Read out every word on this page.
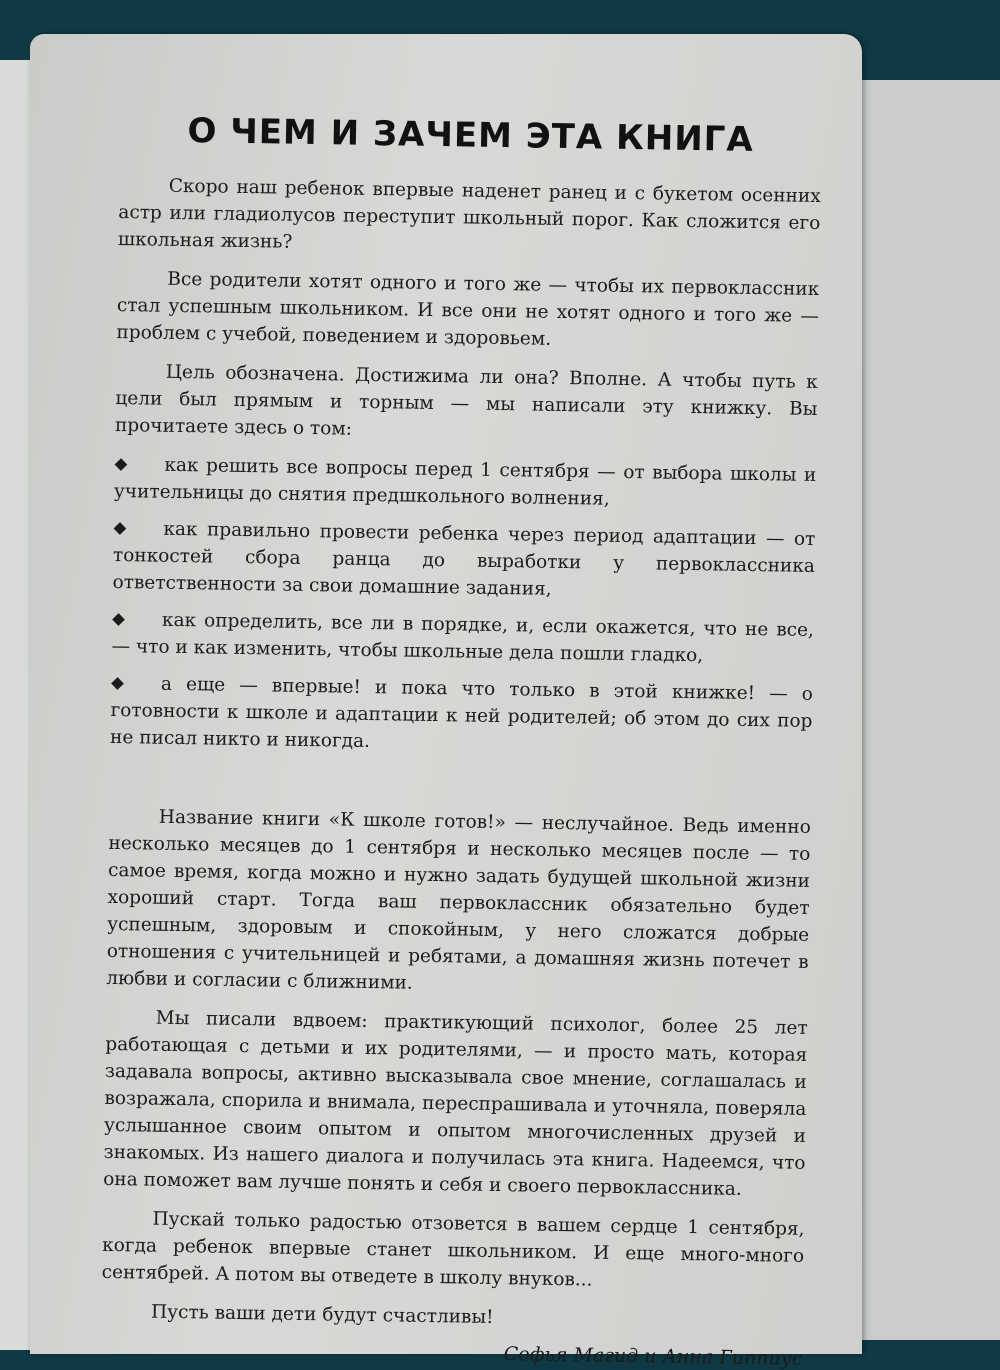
О ЧЕМ И ЗАЧЕМ ЭТА КНИГА

Скоро наш ребенок впервые наденет ранец и с букетом осенних астр или гладиолусов переступит школьный порог. Как сложится его школьная жизнь?

Все родители хотят одного и того же — чтобы их первоклассник стал успешным школьником. И все они не хотят одного и того же — проблем с учебой, поведением и здоровьем.

Цель обозначена. Достижима ли она? Вполне. А чтобы путь к цели был прямым и торным — мы написали эту книжку. Вы прочитаете здесь о том:

как решить все вопросы перед 1 сентября — от выбора школы и учительницы до снятия предшкольного волнения,
как правильно провести ребенка через период адаптации — от тонкостей сбора ранца до выработки у первоклассника ответственности за свои домашние задания,
как определить, все ли в порядке, и, если окажется, что не все, — что и как изменить, чтобы школьные дела пошли гладко,
а еще — впервые! и пока что только в этой книжке! — о готовности к школе и адаптации к ней родителей; об этом до сих пор не писал никто и никогда.

Название книги «К школе готов!» — неслучайное. Ведь именно несколько месяцев до 1 сентября и несколько месяцев после — то самое время, когда можно и нужно задать будущей школьной жизни хороший старт. Тогда ваш первоклассник обязательно будет успешным, здоровым и спокойным, у него сложатся добрые отношения с учительницей и ребятами, а домашняя жизнь потечет в любви и согласии с ближними.

Мы писали вдвоем: практикующий психолог, более 25 лет работающая с детьми и их родителями, — и просто мать, которая задавала вопросы, активно высказывала свое мнение, соглашалась и возражала, спорила и внимала, переспрашивала и уточняла, поверяла услышанное своим опытом и опытом многочисленных друзей и знакомых. Из нашего диалога и получилась эта книга. Надеемся, что она поможет вам лучше понять и себя и своего первоклассника.

Пускай только радостью отзовется в вашем сердце 1 сентября, когда ребенок впервые станет школьником. И еще много-много сентябрей. А потом вы отведете в школу внуков...

Пусть ваши дети будут счастливы!

Софья Магид и Анна Гиппиус
